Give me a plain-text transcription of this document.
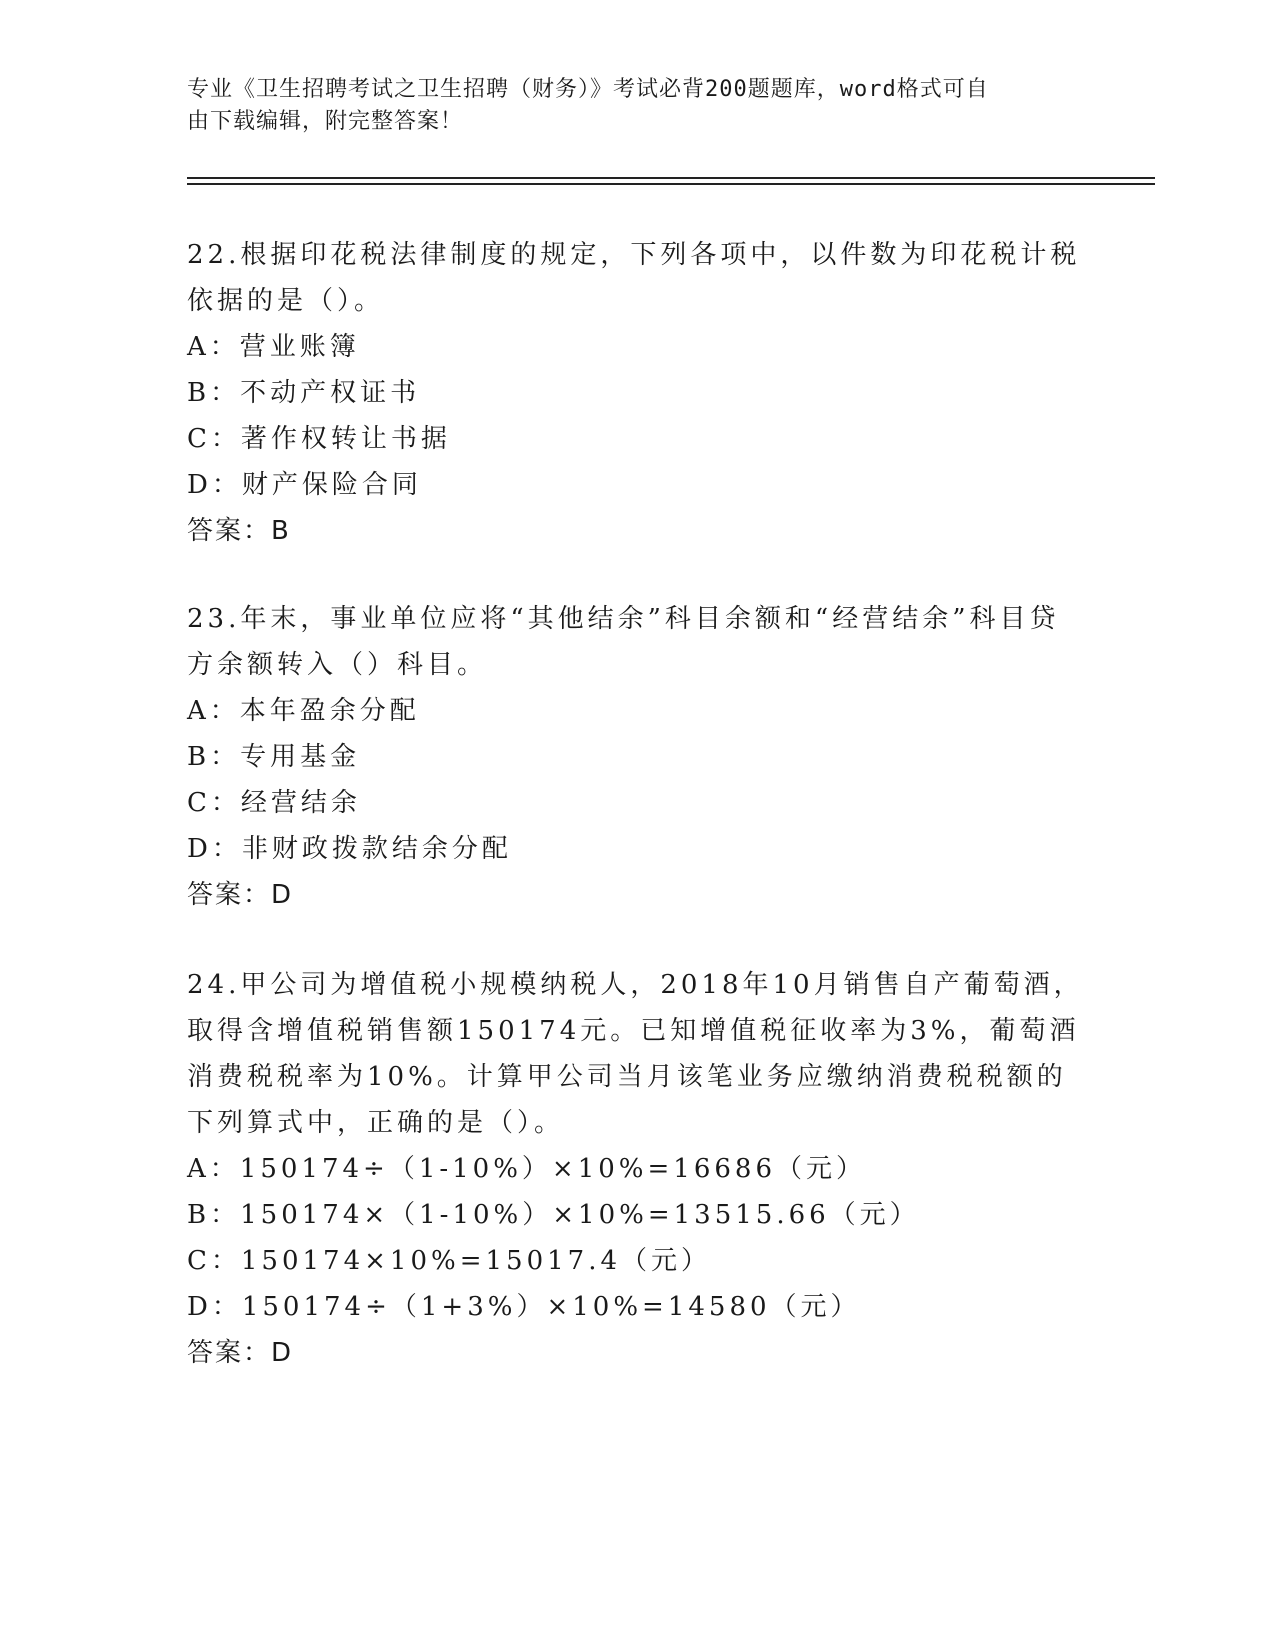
专业《卫生招聘考试之卫生招聘（财务）》考试必背200题题库，word格式可自
由下载编辑，附完整答案！

22.根据印花税法律制度的规定，下列各项中，以件数为印花税计税依据的是（）。

A：营业账簿

B：不动产权证书

C：著作权转让书据

D：财产保险合同

答案：B

23.年末，事业单位应将“其他结余”科目余额和“经营结余”科目贷方余额转入（）科目。

A：本年盈余分配

B：专用基金

C：经营结余

D：非财政拨款结余分配

答案：D

24.甲公司为增值税小规模纳税人，2018年10月销售自产葡萄酒，取得含增值税销售额150174元。已知增值税征收率为3%，葡萄酒消费税税率为10%。计算甲公司当月该笔业务应缴纳消费税税额的下列算式中，正确的是（）。

A：150174÷（1-10%）×10%=16686（元）

B：150174×（1-10%）×10%=13515.66（元）

C：150174×10%=15017.4（元）

D：150174÷（1+3%）×10%=14580（元）

答案：D
